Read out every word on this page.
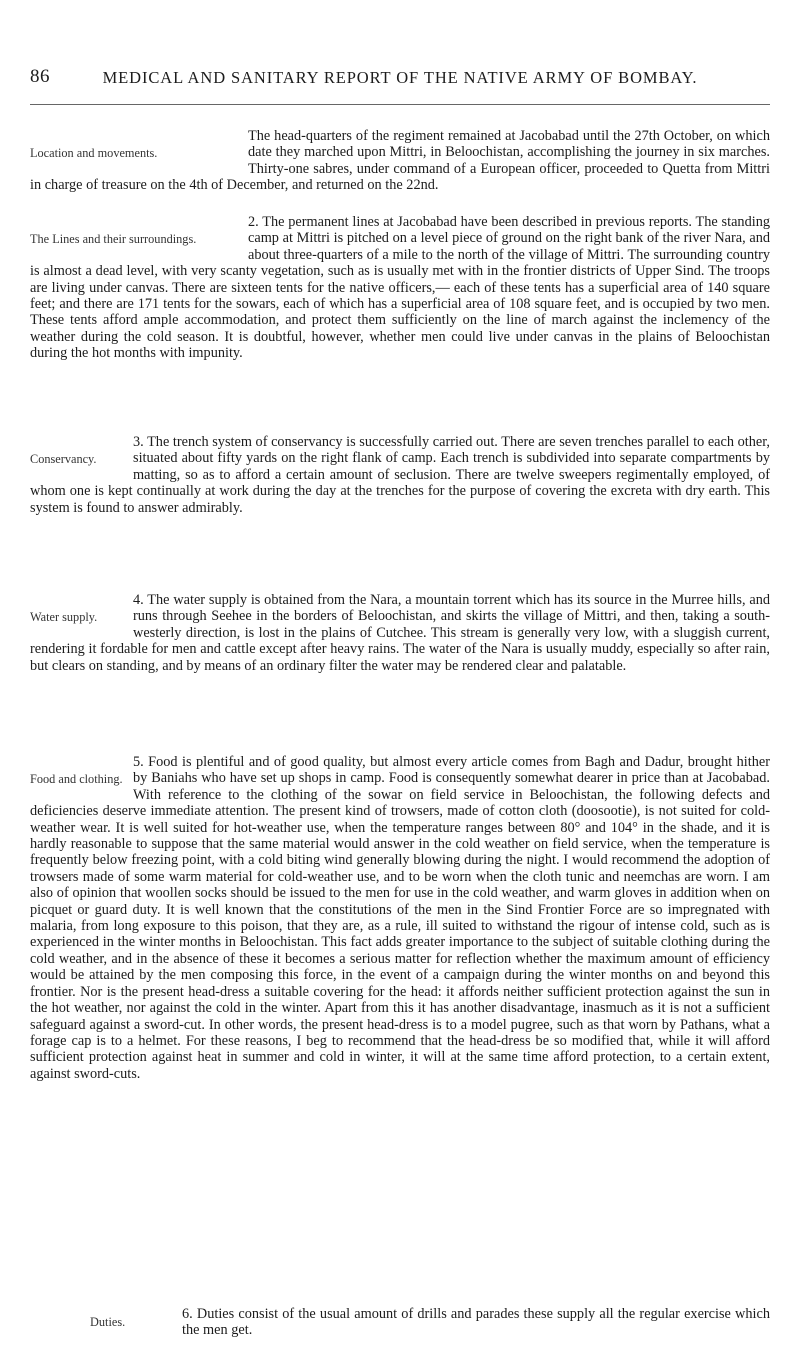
86	MEDICAL AND SANITARY REPORT OF THE NATIVE ARMY OF BOMBAY.

Location and movements.
The head-quarters of the regiment remained at Jacobabad until the 27th October, on which date they marched upon Mittri, in Beloochistan, accomplishing the journey in six marches. Thirty-one sabres, under command of a European officer, proceeded to Quetta from Mittri in charge of treasure on the 4th of December, and returned on the 22nd.

The Lines and their surroundings.
2. The permanent lines at Jacobabad have been described in previous reports. The standing camp at Mittri is pitched on a level piece of ground on the right bank of the river Nara, and about three-quarters of a mile to the north of the village of Mittri. The surrounding country is almost a dead level, with very scanty vegetation, such as is usually met with in the frontier districts of Upper Sind. The troops are living under canvas. There are sixteen tents for the native officers,— each of these tents has a superficial area of 140 square feet; and there are 171 tents for the sowars, each of which has a superficial area of 108 square feet, and is occupied by two men. These tents afford ample accommodation, and protect them sufficiently on the line of march against the inclemency of the weather during the cold season. It is doubtful, however, whether men could live under canvas in the plains of Beloochistan during the hot months with impunity.

Conservancy.
3. The trench system of conservancy is successfully carried out. There are seven trenches parallel to each other, situated about fifty yards on the right flank of camp. Each trench is subdivided into separate compartments by matting, so as to afford a certain amount of seclusion. There are twelve sweepers regimentally employed, of whom one is kept continually at work during the day at the trenches for the purpose of covering the excreta with dry earth. This system is found to answer admirably.

Water supply.
4. The water supply is obtained from the Nara, a mountain torrent which has its source in the Murree hills, and runs through Seehee in the borders of Beloochistan, and skirts the village of Mittri, and then, taking a south-westerly direction, is lost in the plains of Cutchee. This stream is generally very low, with a sluggish current, rendering it fordable for men and cattle except after heavy rains. The water of the Nara is usually muddy, especially so after rain, but clears on standing, and by means of an ordinary filter the water may be rendered clear and palatable.

Food and clothing.
5. Food is plentiful and of good quality, but almost every article comes from Bagh and Dadur, brought hither by Baniahs who have set up shops in camp. Food is consequently somewhat dearer in price than at Jacobabad. With reference to the clothing of the sowar on field service in Beloochistan, the following defects and deficiencies deserve immediate attention. The present kind of trowsers, made of cotton cloth (doosootie), is not suited for cold-weather wear. It is well suited for hot-weather use, when the temperature ranges between 80° and 104° in the shade, and it is hardly reasonable to suppose that the same material would answer in the cold weather on field service, when the temperature is frequently below freezing point, with a cold biting wind generally blowing during the night. I would recommend the adoption of trowsers made of some warm material for cold-weather use, and to be worn when the cloth tunic and neemchas are worn. I am also of opinion that woollen socks should be issued to the men for use in the cold weather, and warm gloves in addition when on picquet or guard duty. It is well known that the constitutions of the men in the Sind Frontier Force are so impregnated with malaria, from long exposure to this poison, that they are, as a rule, ill suited to withstand the rigour of intense cold, such as is experienced in the winter months in Beloochistan. This fact adds greater importance to the subject of suitable clothing during the cold weather, and in the absence of these it becomes a serious matter for reflection whether the maximum amount of efficiency would be attained by the men composing this force, in the event of a campaign during the winter months on and beyond this frontier. Nor is the present head-dress a suitable covering for the head: it affords neither sufficient protection against the sun in the hot weather, nor against the cold in the winter. Apart from this it has another disadvantage, inasmuch as it is not a sufficient safeguard against a sword-cut. In other words, the present head-dress is to a model pugree, such as that worn by Pathans, what a forage cap is to a helmet. For these reasons, I beg to recommend that the head-dress be so modified that, while it will afford sufficient protection against heat in summer and cold in winter, it will at the same time afford protection, to a certain extent, against sword-cuts.

Duties.	6. Duties consist of the usual amount of drills and parades these supply all the regular exercise which the men get.
